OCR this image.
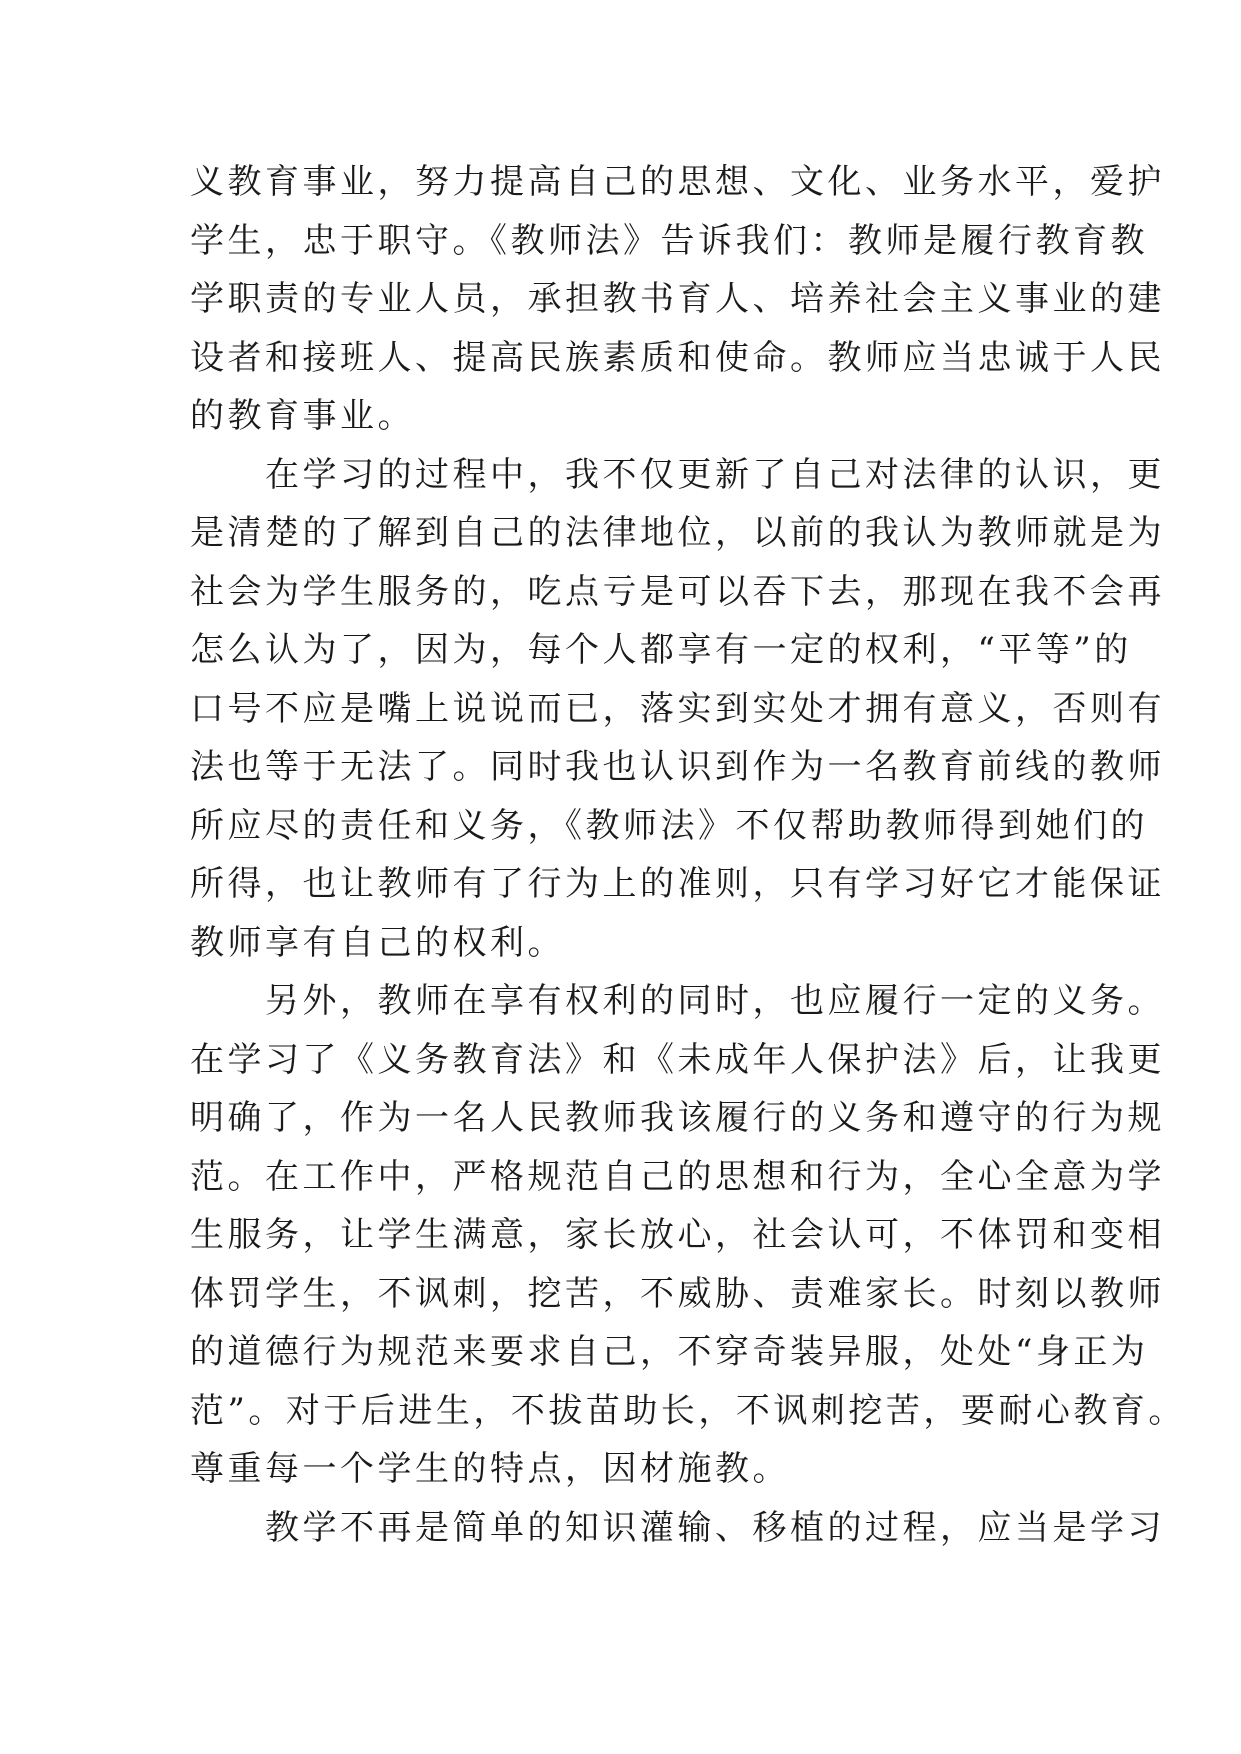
义教育事业，努力提高自己的思想、文化、业务水平，爱护
学生，忠于职守。《教师法》告诉我们：教师是履行教育教
学职责的专业人员，承担教书育人、培养社会主义事业的建
设者和接班人、提高民族素质和使命。教师应当忠诚于人民
的教育事业。
　　在学习的过程中，我不仅更新了自己对法律的认识，更
是清楚的了解到自己的法律地位，以前的我认为教师就是为
社会为学生服务的，吃点亏是可以吞下去，那现在我不会再
怎么认为了，因为，每个人都享有一定的权利，“平等”的
口号不应是嘴上说说而已，落实到实处才拥有意义，否则有
法也等于无法了。同时我也认识到作为一名教育前线的教师
所应尽的责任和义务，《教师法》不仅帮助教师得到她们的
所得，也让教师有了行为上的准则，只有学习好它才能保证
教师享有自己的权利。
　　另外，教师在享有权利的同时，也应履行一定的义务。
在学习了《义务教育法》和《未成年人保护法》后，让我更
明确了，作为一名人民教师我该履行的义务和遵守的行为规
范。在工作中，严格规范自己的思想和行为，全心全意为学
生服务，让学生满意，家长放心，社会认可，不体罚和变相
体罚学生，不讽刺，挖苦，不威胁、责难家长。时刻以教师
的道德行为规范来要求自己，不穿奇装异服，处处“身正为
范”。对于后进生，不拔苗助长，不讽刺挖苦，要耐心教育。
尊重每一个学生的特点，因材施教。
　　教学不再是简单的知识灌输、移植的过程，应当是学习
